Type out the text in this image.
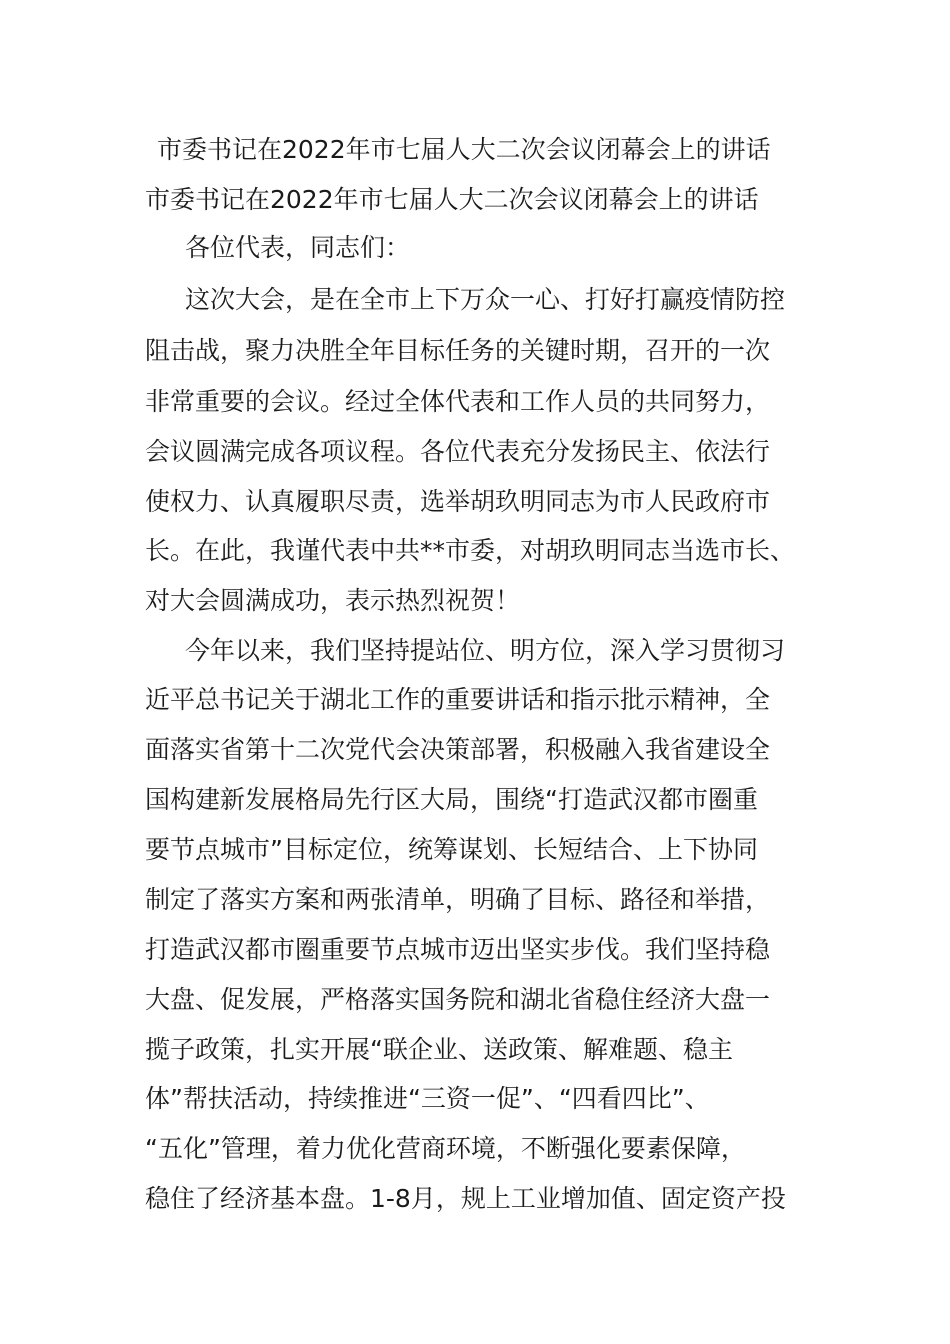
市委书记在2022年市七届人大二次会议闭幕会上的讲话
市委书记在2022年市七届人大二次会议闭幕会上的讲话
各位代表，同志们：
这次大会，是在全市上下万众一心、打好打赢疫情防控
阻击战，聚力决胜全年目标任务的关键时期，召开的一次
非常重要的会议。经过全体代表和工作人员的共同努力，
会议圆满完成各项议程。各位代表充分发扬民主、依法行
使权力、认真履职尽责，选举胡玖明同志为市人民政府市
长。在此，我谨代表中共**市委，对胡玖明同志当选市长、
对大会圆满成功，表示热烈祝贺！
今年以来，我们坚持提站位、明方位，深入学习贯彻习
近平总书记关于湖北工作的重要讲话和指示批示精神，全
面落实省第十二次党代会决策部署，积极融入我省建设全
国构建新发展格局先行区大局，围绕“打造武汉都市圈重
要节点城市”目标定位，统筹谋划、长短结合、上下协同
制定了落实方案和两张清单，明确了目标、路径和举措，
打造武汉都市圈重要节点城市迈出坚实步伐。我们坚持稳
大盘、促发展，严格落实国务院和湖北省稳住经济大盘一
揽子政策，扎实开展“联企业、送政策、解难题、稳主
体”帮扶活动，持续推进“三资一促”、“四看四比”、
“五化”管理，着力优化营商环境，不断强化要素保障，
稳住了经济基本盘。1-8月，规上工业增加值、固定资产投
